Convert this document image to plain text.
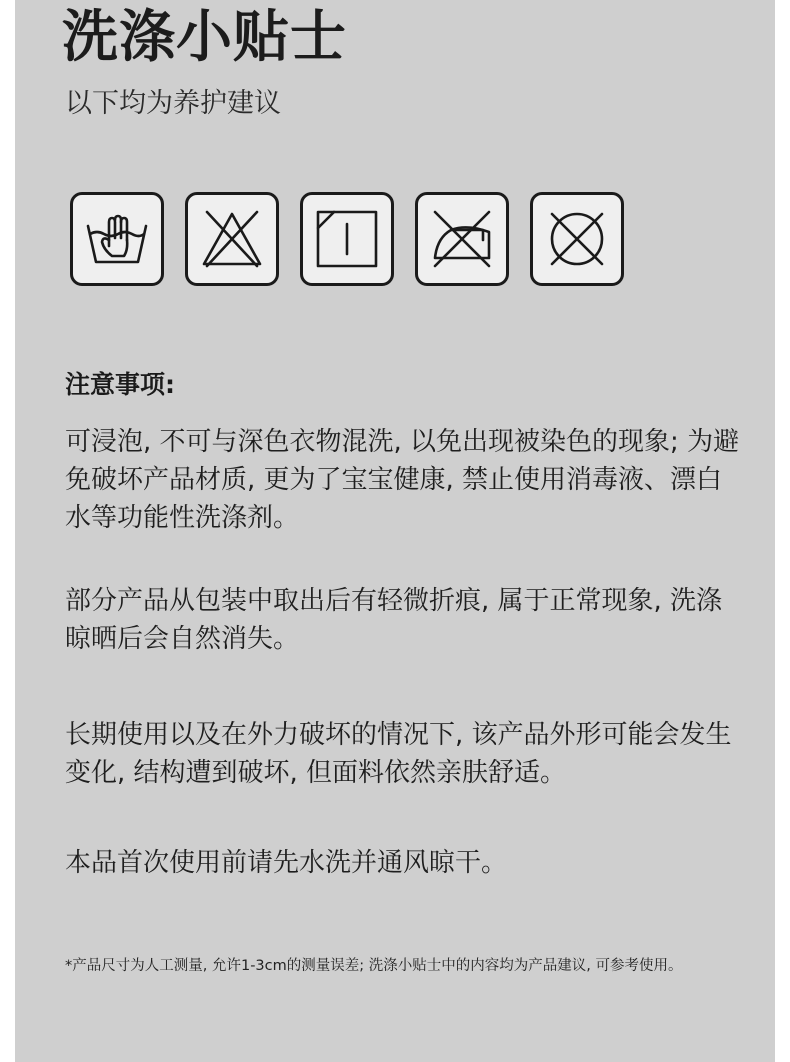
洗涤小贴士
以下均为养护建议
注意事项:
可浸泡, 不可与深色衣物混洗, 以免出现被染色的现象; 为避免破坏产品材质, 更为了宝宝健康, 禁止使用消毒液、漂白水等功能性洗涤剂。
部分产品从包装中取出后有轻微折痕, 属于正常现象, 洗涤晾晒后会自然消失。
长期使用以及在外力破坏的情况下, 该产品外形可能会发生变化, 结构遭到破坏, 但面料依然亲肤舒适。
本品首次使用前请先水洗并通风晾干。
*产品尺寸为人工测量, 允许1-3cm的测量误差; 洗涤小贴士中的内容均为产品建议, 可参考使用。
